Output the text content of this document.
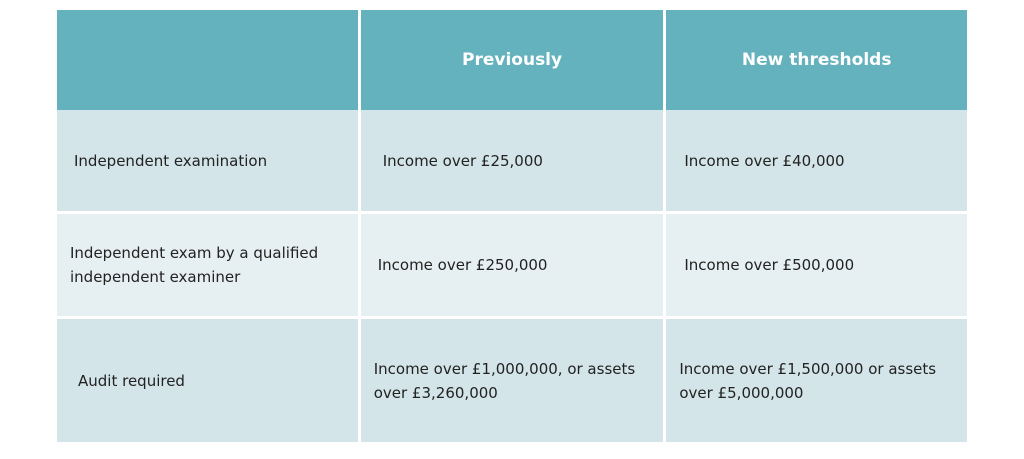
	Previously	New thresholds

Independent examination	Income over £25,000	Income over £40,000

Independent exam by a qualified independent examiner	Income over £250,000	Income over £500,000

Audit required	Income over £1,000,000, or assets over £3,260,000	Income over £1,500,000 or assets over £5,000,000
